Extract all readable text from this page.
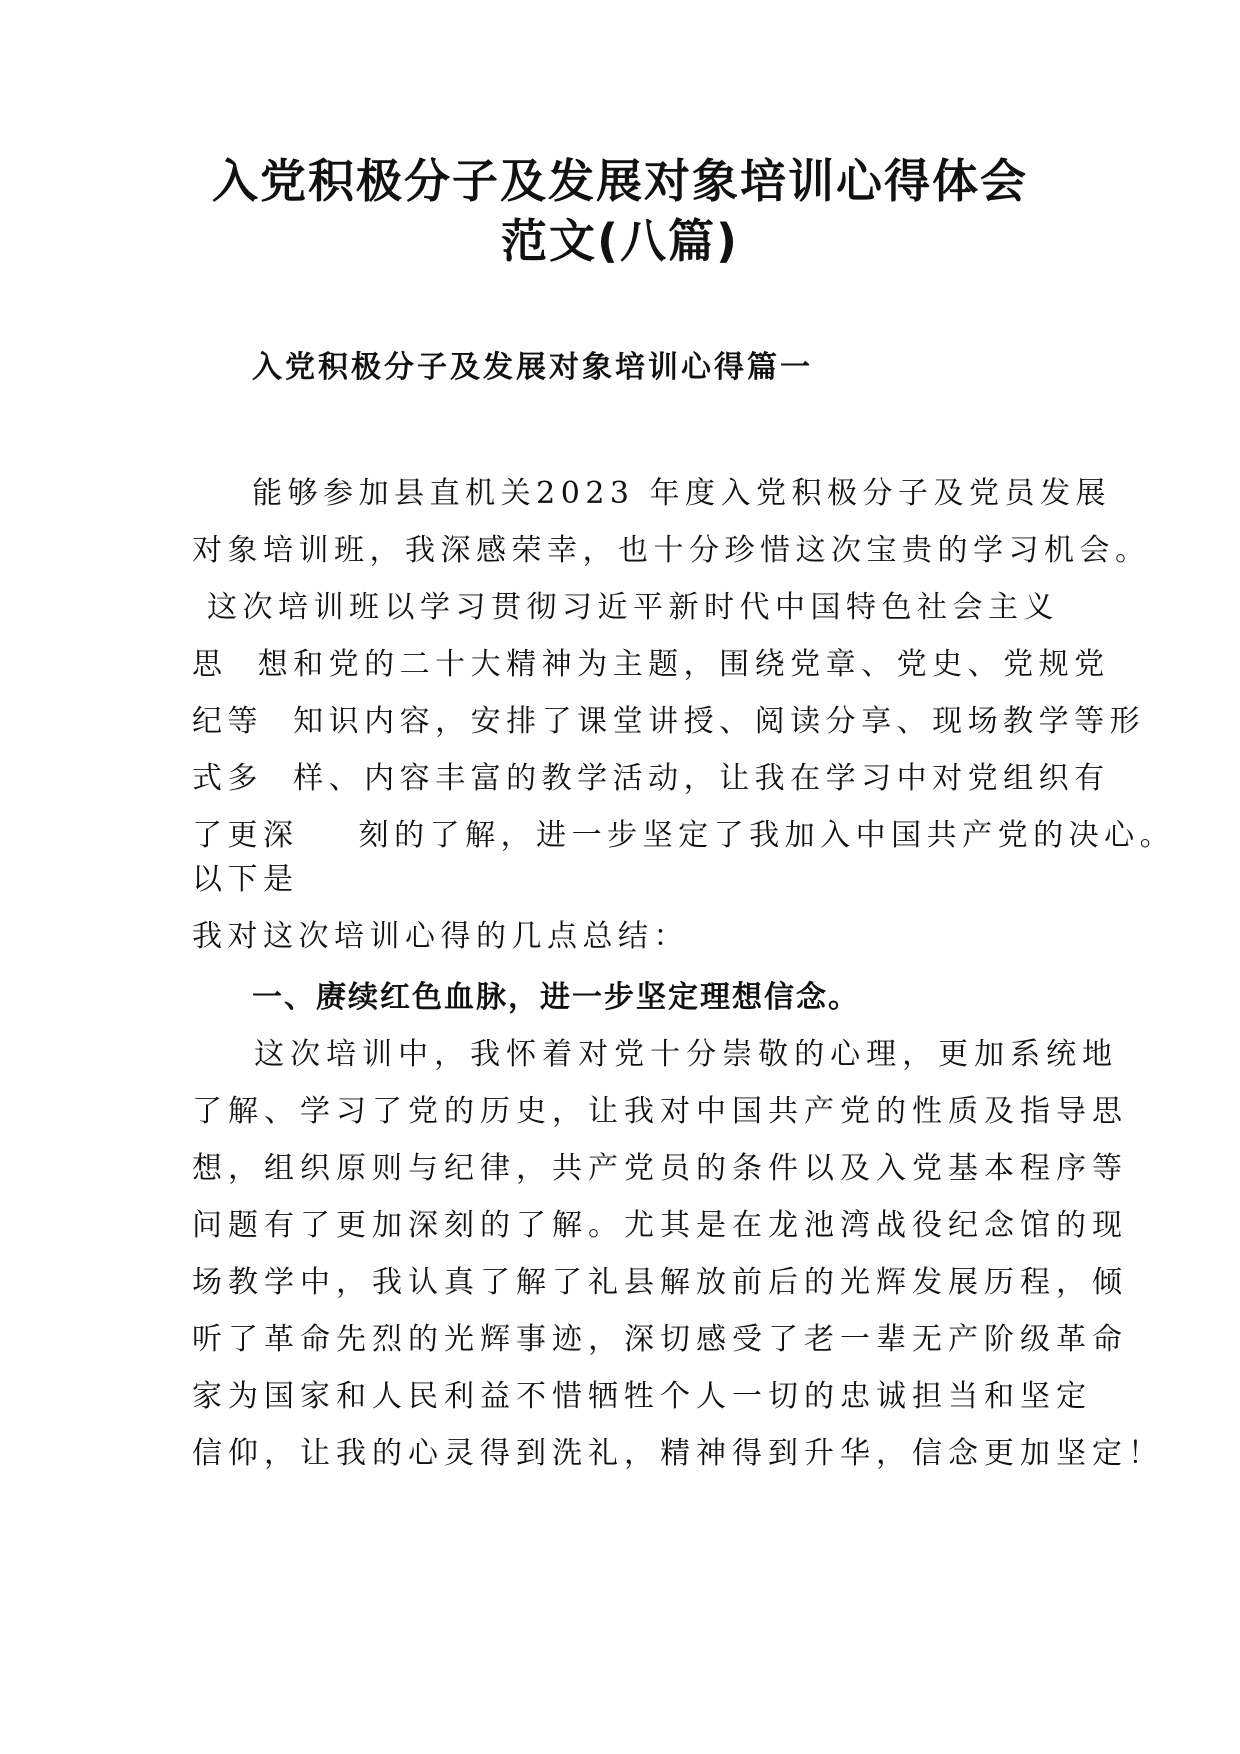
入党积极分子及发展对象培训心得体会
范文(八篇)
入党积极分子及发展对象培训心得篇一
能够参加县直机关2023 年度入党积极分子及党员发展
对象培训班，我深感荣幸，也十分珍惜这次宝贵的学习机会。
这次培训班以学习贯彻习近平新时代中国特色社会主义
思  想和党的二十大精神为主题，围绕党章、党史、党规党
纪等  知识内容，安排了课堂讲授、阅读分享、现场教学等形
式多  样、内容丰富的教学活动，让我在学习中对党组织有
了更深    刻的了解，进一步坚定了我加入中国共产党的决心。
以下是
我对这次培训心得的几点总结：
一、赓续红色血脉，进一步坚定理想信念。
这次培训中，我怀着对党十分崇敬的心理，更加系统地
了解、学习了党的历史，让我对中国共产党的性质及指导思
想，组织原则与纪律，共产党员的条件以及入党基本程序等
问题有了更加深刻的了解。尤其是在龙池湾战役纪念馆的现
场教学中，我认真了解了礼县解放前后的光辉发展历程，倾
听了革命先烈的光辉事迹，深切感受了老一辈无产阶级革命
家为国家和人民利益不惜牺牲个人一切的忠诚担当和坚定
信仰，让我的心灵得到洗礼，精神得到升华，信念更加坚定！
